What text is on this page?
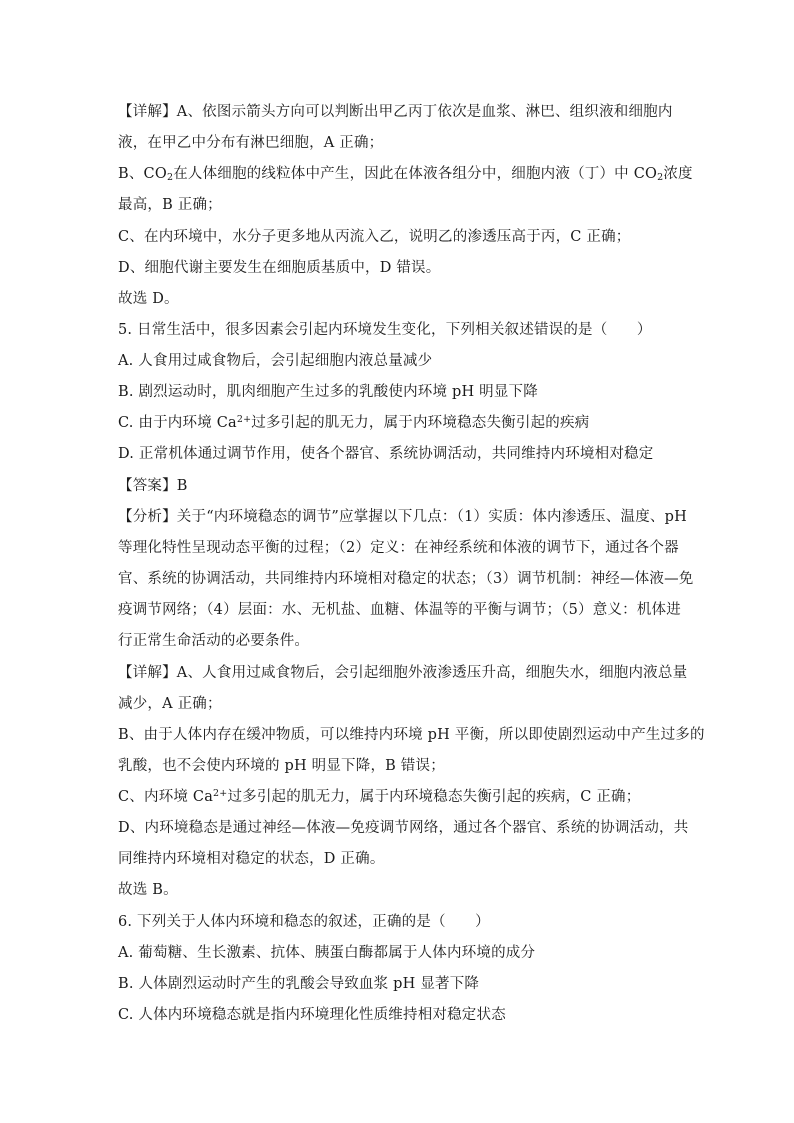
【详解】A、依图示箭头方向可以判断出甲乙丙丁依次是血浆、淋巴、组织液和细胞内
液，在甲乙中分布有淋巴细胞，A 正确；
B、$CO_2$在人体细胞的线粒体中产生，因此在体液各组分中，细胞内液（丁）中 $CO_2$浓度
最高，B 正确；
C、在内环境中，水分子更多地从丙流入乙，说明乙的渗透压高于丙，C 正确；
D、细胞代谢主要发生在细胞质基质中，D 错误。
故选 D。
5. 日常生活中，很多因素会引起内环境发生变化，下列相关叙述错误的是（　　）
A. 人食用过咸食物后，会引起细胞内液总量减少
B. 剧烈运动时，肌肉细胞产生过多的乳酸使内环境 pH 明显下降
C. 由于内环境 $Ca^{2+}$过多引起的肌无力，属于内环境稳态失衡引起的疾病
D. 正常机体通过调节作用，使各个器官、系统协调活动，共同维持内环境相对稳定
【答案】B
【分析】关于“内环境稳态的调节”应掌握以下几点：（1）实质：体内渗透压、温度、pH
等理化特性呈现动态平衡的过程；（2）定义：在神经系统和体液的调节下，通过各个器
官、系统的协调活动，共同维持内环境相对稳定的状态；（3）调节机制：神经—体液—免
疫调节网络；（4）层面：水、无机盐、血糖、体温等的平衡与调节；（5）意义：机体进
行正常生命活动的必要条件。
【详解】A、人食用过咸食物后，会引起细胞外液渗透压升高，细胞失水，细胞内液总量
减少，A 正确；
B、由于人体内存在缓冲物质，可以维持内环境 pH 平衡，所以即使剧烈运动中产生过多的
乳酸，也不会使内环境的 pH 明显下降，B 错误；
C、内环境 $Ca^{2+}$过多引起的肌无力，属于内环境稳态失衡引起的疾病，C 正确；
D、内环境稳态是通过神经—体液—免疫调节网络，通过各个器官、系统的协调活动，共
同维持内环境相对稳定的状态，D 正确。
故选 B。
6. 下列关于人体内环境和稳态的叙述，正确的是（　　）
A. 葡萄糖、生长激素、抗体、胰蛋白酶都属于人体内环境的成分
B. 人体剧烈运动时产生的乳酸会导致血浆 pH 显著下降
C. 人体内环境稳态就是指内环境理化性质维持相对稳定状态
